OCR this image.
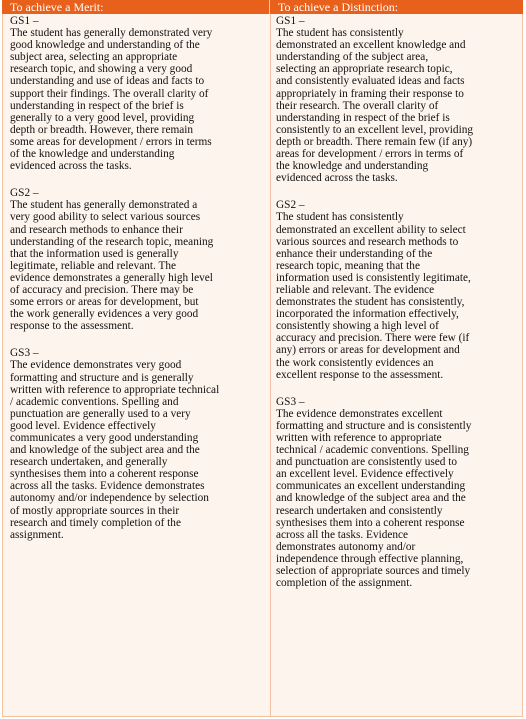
To achieve a Merit:	To achieve a Distinction:
GS1 –
The student has generally demonstrated very
good knowledge and understanding of the
subject area, selecting an appropriate
research topic, and showing a very good
understanding and use of ideas and facts to
support their findings. The overall clarity of
understanding in respect of the brief is
generally to a very good level, providing
depth or breadth. However, there remain
some areas for development / errors in terms
of the knowledge and understanding
evidenced across the tasks.
GS2 –
The student has generally demonstrated a
very good ability to select various sources
and research methods to enhance their
understanding of the research topic, meaning
that the information used is generally
legitimate, reliable and relevant. The
evidence demonstrates a generally high level
of accuracy and precision. There may be
some errors or areas for development, but
the work generally evidences a very good
response to the assessment.
GS3 –
The evidence demonstrates very good
formatting and structure and is generally
written with reference to appropriate technical
/ academic conventions. Spelling and
punctuation are generally used to a very
good level. Evidence effectively
communicates a very good understanding
and knowledge of the subject area and the
research undertaken, and generally
synthesises them into a coherent response
across all the tasks. Evidence demonstrates
autonomy and/or independence by selection
of mostly appropriate sources in their
research and timely completion of the
assignment.
GS1 –
The student has consistently
demonstrated an excellent knowledge and
understanding of the subject area,
selecting an appropriate research topic,
and consistently evaluated ideas and facts
appropriately in framing their response to
their research. The overall clarity of
understanding in respect of the brief is
consistently to an excellent level, providing
depth or breadth. There remain few (if any)
areas for development / errors in terms of
the knowledge and understanding
evidenced across the tasks.
GS2 –
The student has consistently
demonstrated an excellent ability to select
various sources and research methods to
enhance their understanding of the
research topic, meaning that the
information used is consistently legitimate,
reliable and relevant. The evidence
demonstrates the student has consistently,
incorporated the information effectively,
consistently showing a high level of
accuracy and precision. There were few (if
any) errors or areas for development and
the work consistently evidences an
excellent response to the assessment.
GS3 –
The evidence demonstrates excellent
formatting and structure and is consistently
written with reference to appropriate
technical / academic conventions. Spelling
and punctuation are consistently used to
an excellent level. Evidence effectively
communicates an excellent understanding
and knowledge of the subject area and the
research undertaken and consistently
synthesises them into a coherent response
across all the tasks. Evidence
demonstrates autonomy and/or
independence through effective planning,
selection of appropriate sources and timely
completion of the assignment.
